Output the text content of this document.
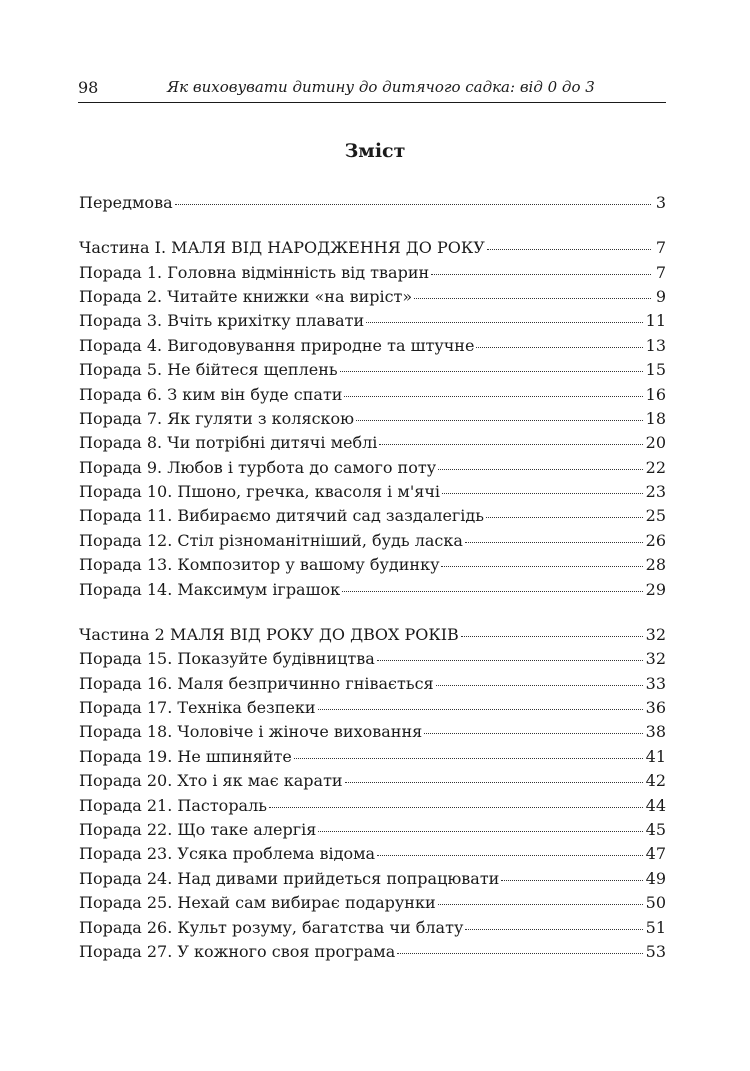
98	Як виховувати дитину до дитячого садка: від 0 до 3
Зміст
Передмова	3
Частина I. МАЛЯ ВІД НАРОДЖЕННЯ ДО РОКУ	7
Порада 1. Головна відмінність від тварин	7
Порада 2. Читайте книжки «на виріст»	9
Порада 3. Вчіть крихітку плавати	11
Порада 4. Вигодовування природне та штучне	13
Порада 5. Не бійтеся щеплень	15
Порада 6. З ким він буде спати	16
Порада 7. Як гуляти з коляскою	18
Порада 8. Чи потрібні дитячі меблі	20
Порада 9. Любов і турбота до самого поту	22
Порада 10. Пшоно, гречка, квасоля і м'ячі	23
Порада 11. Вибираємо дитячий сад заздалегідь	25
Порада 12. Стіл різноманітніший, будь ласка	26
Порада 13. Композитор у вашому будинку	28
Порада 14. Максимум іграшок	29
Частина 2 МАЛЯ ВІД РОКУ ДО ДВОХ РОКІВ	32
Порада 15. Показуйте будівництва	32
Порада 16. Маля безпричинно гнівається	33
Порада 17. Техніка безпеки	36
Порада 18. Чоловіче і жіноче виховання	38
Порада 19. Не шпиняйте	41
Порада 20. Хто і як має карати	42
Порада 21. Пастораль	44
Порада 22. Що таке алергія	45
Порада 23. Усяка проблема відома	47
Порада 24. Над дивами прийдеться попрацювати	49
Порада 25. Нехай сам вибирає подарунки	50
Порада 26. Культ розуму, багатства чи блату	51
Порада 27. У кожного своя програма	53
